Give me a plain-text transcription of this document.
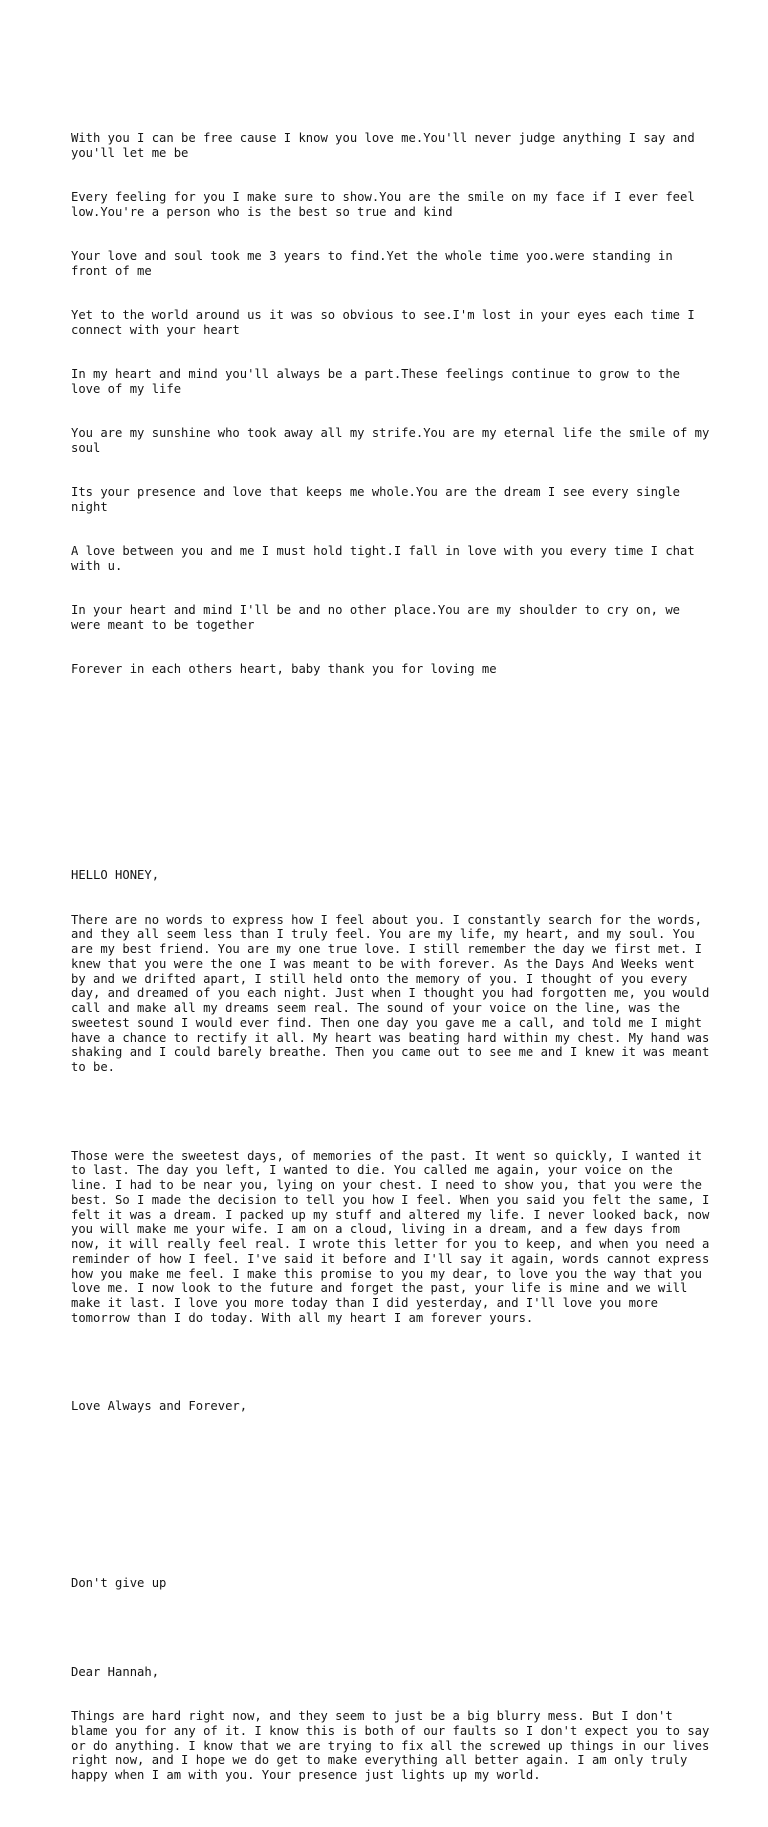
With you I can be free cause I know you love me.You'll never judge anything I say and you'll let me be

Every feeling for you I make sure to show.You are the smile on my face if I ever feel low.You're a person who is the best so true and kind

Your love and soul took me 3 years to find.Yet the whole time yoo.were standing in front of me

Yet to the world around us it was so obvious to see.I'm lost in your eyes each time I connect with your heart

In my heart and mind you'll always be a part.These feelings continue to grow to the love of my life

You are my sunshine who took away all my strife.You are my eternal life the smile of my soul

Its your presence and love that keeps me whole.You are the dream I see every single night

A love between you and me I must hold tight.I fall in love with you every time I chat with u.

In your heart and mind I'll be and no other place.You are my shoulder to cry on, we were meant to be together

Forever in each others heart, baby thank you for loving me

HELLO HONEY,

There are no words to express how I feel about you. I constantly search for the words, and they all seem less than I truly feel. You are my life, my heart, and my soul. You are my best friend. You are my one true love. I still remember the day we first met. I knew that you were the one I was meant to be with forever. As the Days And Weeks went by and we drifted apart, I still held onto the memory of you. I thought of you every day, and dreamed of you each night. Just when I thought you had forgotten me, you would call and make all my dreams seem real. The sound of your voice on the line, was the sweetest sound I would ever find. Then one day you gave me a call, and told me I might have a chance to rectify it all. My heart was beating hard within my chest. My hand was shaking and I could barely breathe. Then you came out to see me and I knew it was meant to be.

Those were the sweetest days, of memories of the past. It went so quickly, I wanted it to last. The day you left, I wanted to die. You called me again, your voice on the line. I had to be near you, lying on your chest. I need to show you, that you were the best. So I made the decision to tell you how I feel. When you said you felt the same, I felt it was a dream. I packed up my stuff and altered my life. I never looked back, now you will make me your wife. I am on a cloud, living in a dream, and a few days from now, it will really feel real. I wrote this letter for you to keep, and when you need a reminder of how I feel. I've said it before and I'll say it again, words cannot express how you make me feel. I make this promise to you my dear, to love you the way that you love me. I now look to the future and forget the past, your life is mine and we will make it last. I love you more today than I did yesterday, and I'll love you more tomorrow than I do today. With all my heart I am forever yours.

Love Always and Forever,

Don't give up

Dear Hannah,

Things are hard right now, and they seem to just be a big blurry mess. But I don't blame you for any of it. I know this is both of our faults so I don't expect you to say or do anything. I know that we are trying to fix all the screwed up things in our lives right now, and I hope we do get to make everything all better again. I am only truly happy when I am with you. Your presence just lights up my world.
